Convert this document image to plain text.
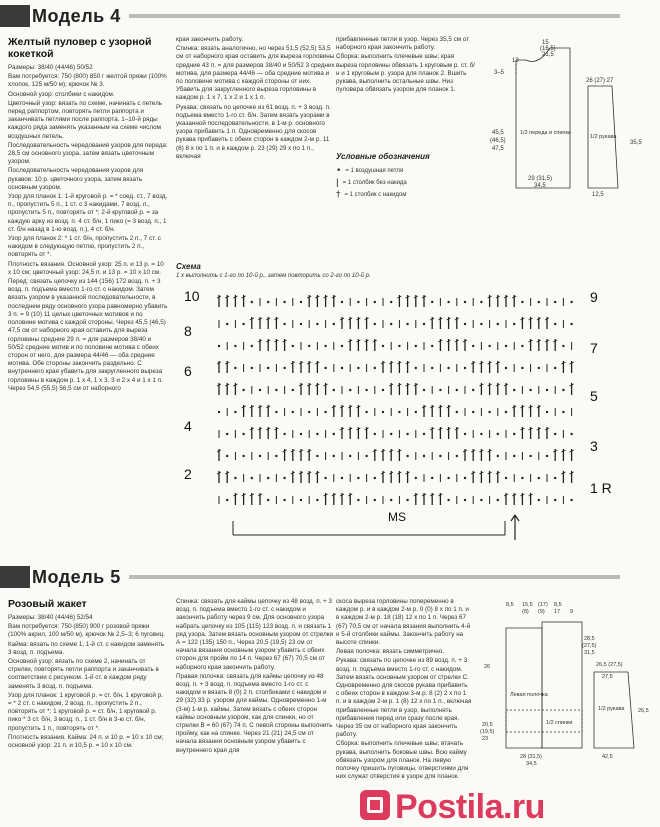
Модель 4
Желтый пуловер с узорной кокеткой

Размеры: 38/40 (44/46) 50/52

Вам потребуется: 750 (800) 850 г желтой пряжи (100% хлопок, 125 м/50 м); крючок № 3.

Основной узор: столбики с накидом.

Цветочный узор: вязать по схеме, начинать с петель перед раппортом, повторять петли раппорта и заканчивать петлями после раппорта. 1–10-й ряды каждого ряда заменять указанным на схеме числом воздушных петель.

Последовательность чередования узоров для переда: 28,5 см основного узора, затем вязать цветочным узором.

Последовательность чередования узоров для рукавов: 10 р. цветочного узора, затем вязать основным узором.

Узор для планок 1: 1-й круговой р. = * соед. ст., 7 возд. п., пропустить 5 п., 1 ст. с 3 накидами, 7 возд. п., пропустить 5 п., повторять от *; 2-й круговой р. = за каждую арку из возд. п. 4 ст. б/н, 1 пико (= 3 возд. п., 1 ст. б/н назад в 1-ю возд. п.), 4 ст. б/н.

Узор для планок 2: * 1 ст. б/н, пропустить 2 п., 7 ст. с накидом в следующую петлю, пропустить 2 п., повторять от *.

Плотность вязания. Основной узор: 25 п. и 13 р. = 10 х 10 см; цветочный узор: 24,5 п. и 13 р. = 10 х 10 см.

Перед: связать цепочку из 144 (156) 172 возд. п. + 3 возд. п. подъема вместо 1-го ст. с накидом. Затем вязать узором в указанной последовательности, в последнем ряду основного узора равномерно убавить 3 п. = 9 (10) 11 целых цветочных мотивов и по половине мотива с каждой стороны. Через 45,5 (46,5) 47,5 см от наборного края оставить для выреза горловины средние 29 п. = для размеров 38/40 и 50/52 средние мотив и по половине мотива с обеих сторон от него, для размера 44/46 — оба средние мотива. Обе стороны закончить раздельно. С внутреннего края убавить для закругленного выреза горловины в каждом р. 1 х 4, 1 х 3, 3 и 2 х 4 и 1 х 1 п. Через 54,5 (55,5) 56,5 см от наборного

края закончить работу.

Спинка: вязать аналогично, но через 51,5 (52,5) 53,5 см от наборного края оставить для выреза горловины средние 43 п. = для размеров 38/40 и 50/52 3 средних мотива, для размера 44/46 — оба средние мотива и по половине мотива с каждой стороны от них. Убавить для закругленного выреза горловины в каждом р. 1 х 7, 1 х 2 и 1 х 1 п.

Рукава: связать по цепочке из 61 возд. п. + 3 возд. п. подъема вместо 1-го ст. б/н. Затем вязать узорами в указанной последовательности, в 1-м р. основного узора прибавить 1 п. Одновременно для скосов рукава прибавить с обеих сторон в каждом 2-м р. 11 (8) 8 х по 1 п. и в каждом р. 23 (29) 29 х по 1 п., включая

прибавленные петли в узор. Через 35,5 см от наборного края закончить работу.

Сборка: выполнить плечевые швы; края выреза горловины обвязать 1 круговым р. ст. б/н и 1 круговым р. узора для планок 2. Вшить рукава, выполнить остальные швы. Низ пуловера обвязать узором для планок 1.

13
15
(16,5)
21,5
3–5
45,5
(46,5)
47,5
1/2 переда и спинки
29 (31,5)
34,5
26 (27) 27
1/2 рукава
35,5
12,5
Условные обозначения
• = 1 воздушная петля
ǀ = 1 столбик без накида
† = 1 столбик с накидом
Схема
1 х выполнить с 1-го по 10-й р., затем повторить со 2-го по 10-й р.
10
8
6
4
2
9
7
5
3
1 R
MS
Модель 5
Розовый жакет

Размеры: 38/40 (44/46) 52/54

Вам потребуется: 750 (850) 900 г розовой пряжи (100% акрил, 100 м/50 м), крючок № 2,5–3; 6 пуговиц.

Кайма: вязать по схеме 1, 1-й ст. с накидом заменять 3 возд. п. подъема.

Основной узор: вязать по схеме 2, начинать от стрелки, повторять петли раппорта и заканчивать в соответствии с рисунком. 1-й ст. в каждом ряду заменять 3 возд. п. подъема.

Узор для планок: 1 круговой р. = ст. б/н, 1 круговой р. = * 2 ст. с накидом, 2 возд. п., пропустить 2 п., повторять от *; 1 круговой р. = ст. б/н, 1 круговой р. пико * 3 ст. б/н, 3 возд. п., 1 ст. б/н в 3-ю ст. б/н, пропустить 1 п., повторять от *.

Плотность вязания. Кайма: 24 п. и 10 р. = 10 х 10 см; основной узор: 21 п. и 10,5 р. = 10 х 10 см.

Спинка: связать для каймы цепочку из 48 возд. п. + 3 возд. п. подъема вместо 1-го ст. с накидом и закончить работу через 9 см. Для основного узора набрать цепочку из 105 (115) 123 возд. п. и связать 1 ряд узора. Затем вязать основным узором от стрелки А = 122 (135) 150 п., Через 20,5 (19,5) 23 см от начала вязания основным узором убавить с обеих сторон для пройм по 14 п. Через 67 (67) 70,5 см от наборного края закончить работу.

Правая полочка: связать для каймы цепочку из 48 возд. п. + 3 возд. п. подъема вместо 1-го ст. с накидом и вязать 8 (0) 2 п. столбиками с накидом и 29 (32) 33 р. узором для каймы. Одновременно 1-м (3-м) 1-м р. каймы. Затем вязать с обеих сторон каймы основным узором, как для спинки, но от стрелки В = 60 (67) 74 п. С левой стороны выполнить пройму, как на спинке. Через 21 (21) 24,5 см от начала вязания основным узором убавить с внутреннего края для

скоса выреза горловины попеременно в каждом р. и в каждом 2-м р. 0 (0) 8 х по 1 п. и в каждом 2-м р. 18 (18) 12 х по 1 п. Через 67 (67) 70,5 см от начала вязания выполнить 4-й и 5-й столбики каймы. Закончить работу на высоте спинки.

Левая полочка: вязать симметрично.

Рукава: связать по цепочке из 89 возд. п. + 3 возд. п. подъема вместо 1-го ст. с накидом. Затем вязать основным узором от стрелки С. Одновременно для скосов рукава прибавить с обеих сторон в каждом 3-м р. 8 (2) 2 х по 1 п. и в каждом 2-м р. 1 (8) 12 х по 1 п., включая прибавленные петли в узор, выполнять прибавления перед или сразу после края. Через 35 см от наборного края закончить работу.

Сборка: выполнить плечевые швы; втачать рукава, выполнить боковые швы. Всю кайму обвязать узором для планок. На левую полочку пришить пуговицы, отверстиями для них служат отверстия в узоре для планок.

8,5 15,5 (17) 8,5
(8) (9) 17 9
26
28,5
(27,5)
31,5
Левая полочка
1/2 спинки
26,5 (27,5)
27,5
1/2 рукава 26,5
20,5
(19,5)
23
28 (31,5)
34,5
42,5
Postila.ru
